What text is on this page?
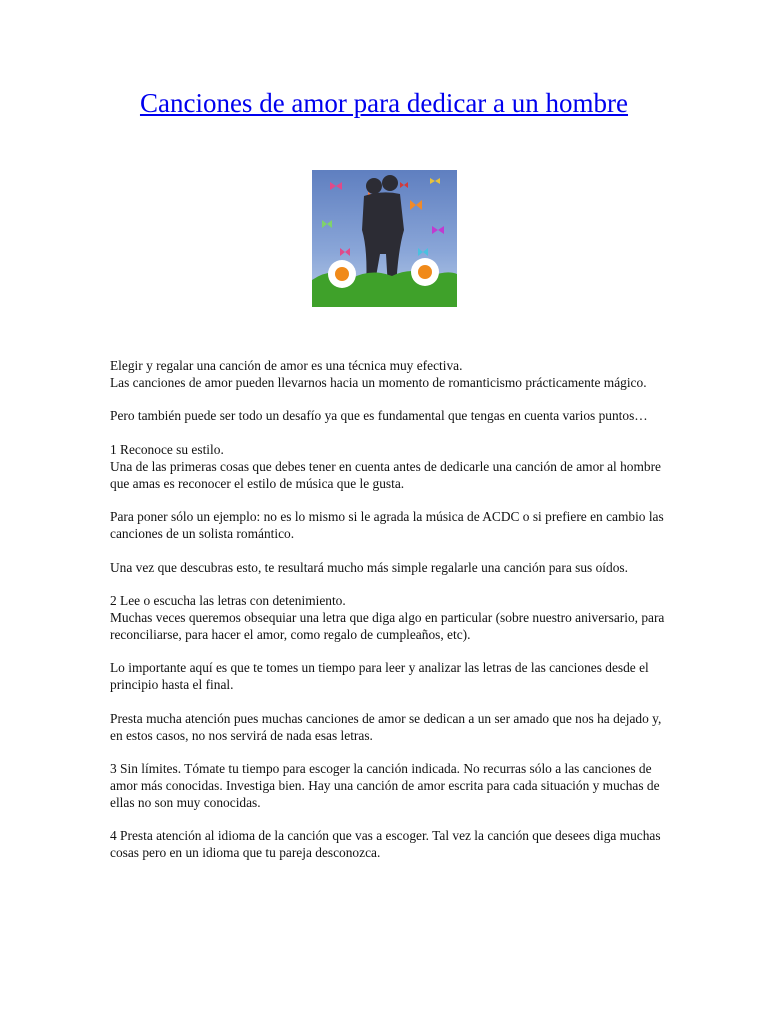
Canciones de amor para dedicar a un hombre

Elegir y regalar una canción de amor es una técnica muy efectiva.
Las canciones de amor pueden llevarnos hacia un momento de romanticismo prácticamente mágico.

Pero también puede ser todo un desafío ya que es fundamental que tengas en cuenta varios puntos…

1 Reconoce su estilo.
Una de las primeras cosas que debes tener en cuenta antes de dedicarle una canción de amor al hombre que amas es reconocer el estilo de música que le gusta.

Para poner sólo un ejemplo: no es lo mismo si le agrada la música de ACDC o si prefiere en cambio las canciones de un solista romántico.

Una vez que descubras esto, te resultará mucho más simple regalarle una canción para sus oídos.

2 Lee o escucha las letras con detenimiento.
Muchas veces queremos obsequiar una letra que diga algo en particular (sobre nuestro aniversario, para reconciliarse, para hacer el amor, como regalo de cumpleaños, etc).

Lo importante aquí es que te tomes un tiempo para leer y analizar las letras de las canciones desde el principio hasta el final.

Presta mucha atención pues muchas canciones de amor se dedican a un ser amado que nos ha dejado y, en estos casos, no nos servirá de nada esas letras.

3 Sin límites. Tómate tu tiempo para escoger la canción indicada. No recurras sólo a las canciones de amor más conocidas. Investiga bien. Hay una canción de amor escrita para cada situación y muchas de ellas no son muy conocidas.

4 Presta atención al idioma de la canción que vas a escoger. Tal vez la canción que desees diga muchas cosas pero en un idioma que tu pareja desconozca.
